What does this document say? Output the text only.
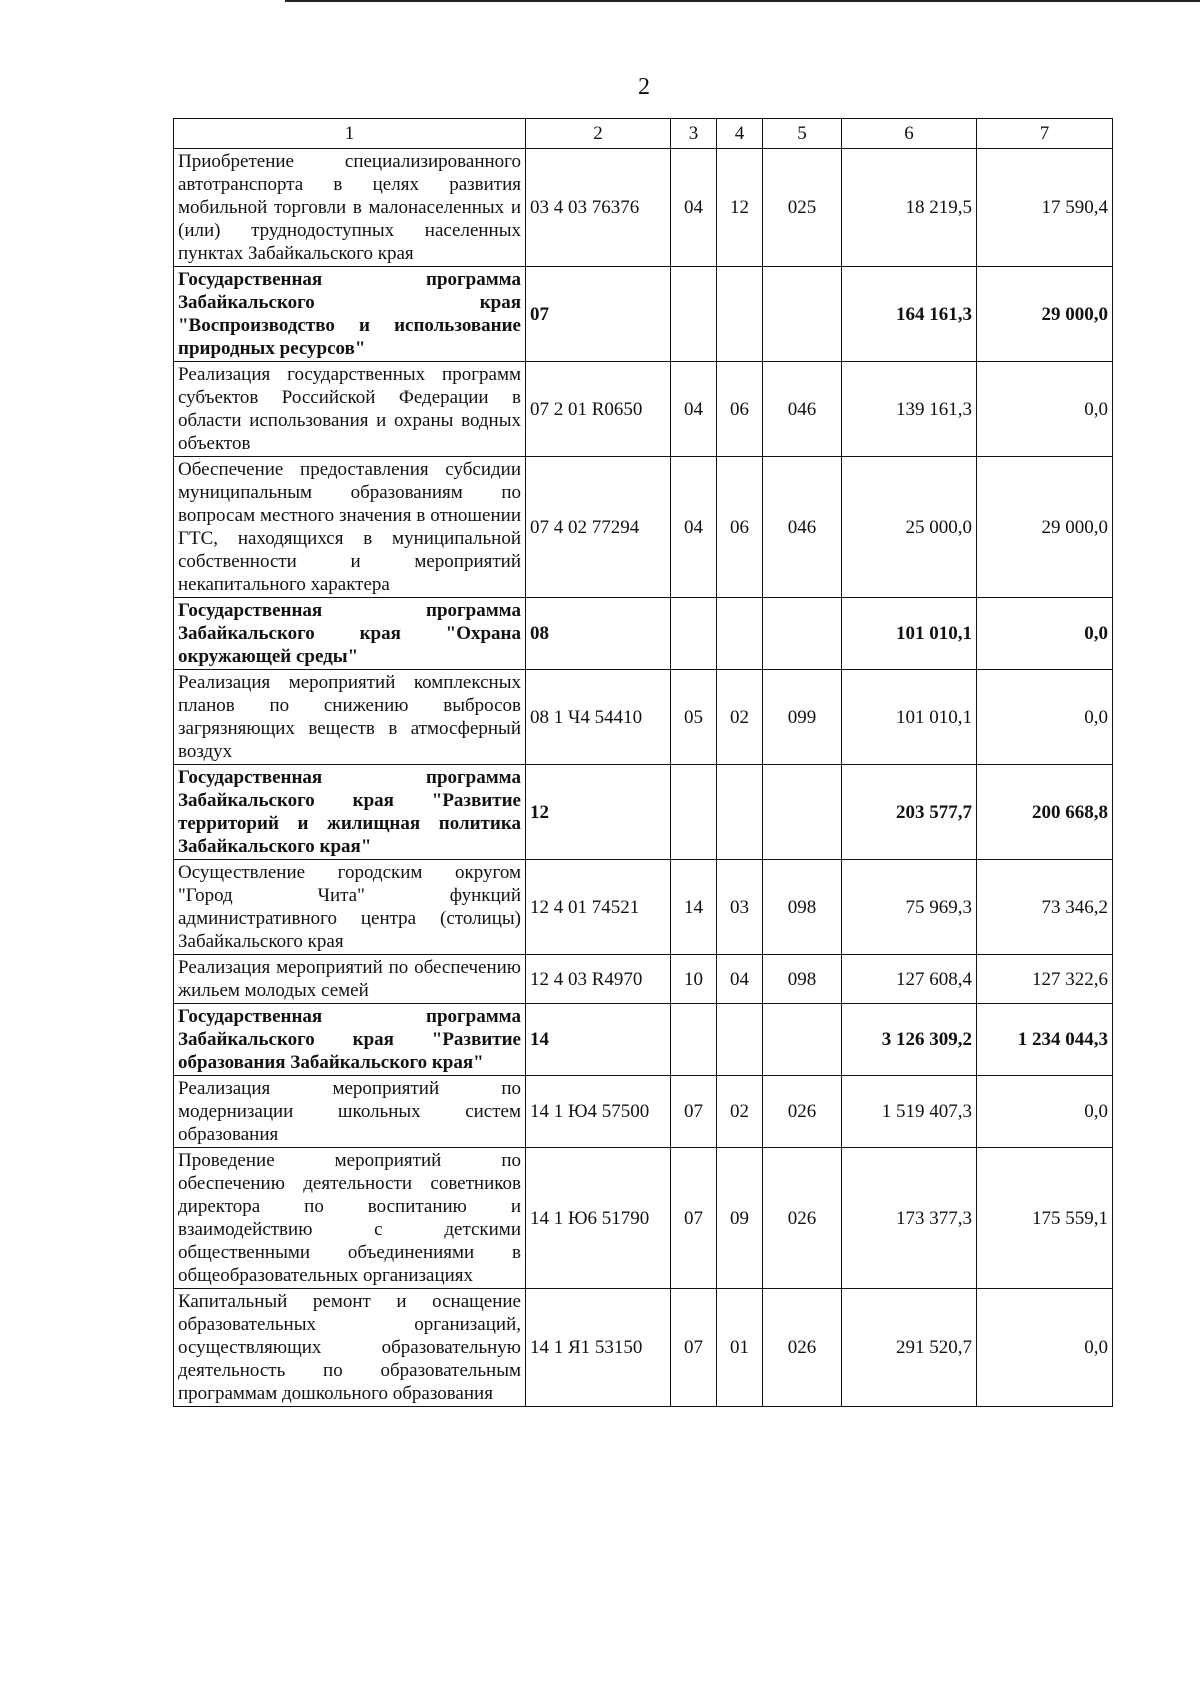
2
1	2	3	4	5	6	7
Приобретение специализированного автотранспорта в целях развития мобильной торговли в малонаселенных и (или) труднодоступных населенных пунктах Забайкальского края	03 4 03 76376	04	12	025	18 219,5	17 590,4
Государственная программа Забайкальского края "Воспроизводство и использование природных ресурсов"	07				164 161,3	29 000,0
Реализация государственных программ субъектов Российской Федерации в области использования и охраны водных объектов	07 2 01 R0650	04	06	046	139 161,3	0,0
Обеспечение предоставления субсидии муниципальным образованиям по вопросам местного значения в отношении ГТС, находящихся в муниципальной собственности и мероприятий некапитального характера	07 4 02 77294	04	06	046	25 000,0	29 000,0
Государственная программа Забайкальского края "Охрана окружающей среды"	08				101 010,1	0,0
Реализация мероприятий комплексных планов по снижению выбросов загрязняющих веществ в атмосферный воздух	08 1 Ч4 54410	05	02	099	101 010,1	0,0
Государственная программа Забайкальского края "Развитие территорий и жилищная политика Забайкальского края"	12				203 577,7	200 668,8
Осуществление городским округом "Город Чита" функций административного центра (столицы) Забайкальского края	12 4 01 74521	14	03	098	75 969,3	73 346,2
Реализация мероприятий по обеспечению жильем молодых семей	12 4 03 R4970	10	04	098	127 608,4	127 322,6
Государственная программа Забайкальского края "Развитие образования Забайкальского края"	14				3 126 309,2	1 234 044,3
Реализация мероприятий по модернизации школьных систем образования	14 1 Ю4 57500	07	02	026	1 519 407,3	0,0
Проведение мероприятий по обеспечению деятельности советников директора по воспитанию и взаимодействию с детскими общественными объединениями в общеобразовательных организациях	14 1 Ю6 51790	07	09	026	173 377,3	175 559,1
Капитальный ремонт и оснащение образовательных организаций, осуществляющих образовательную деятельность по образовательным программам дошкольного образования	14 1 Я1 53150	07	01	026	291 520,7	0,0
